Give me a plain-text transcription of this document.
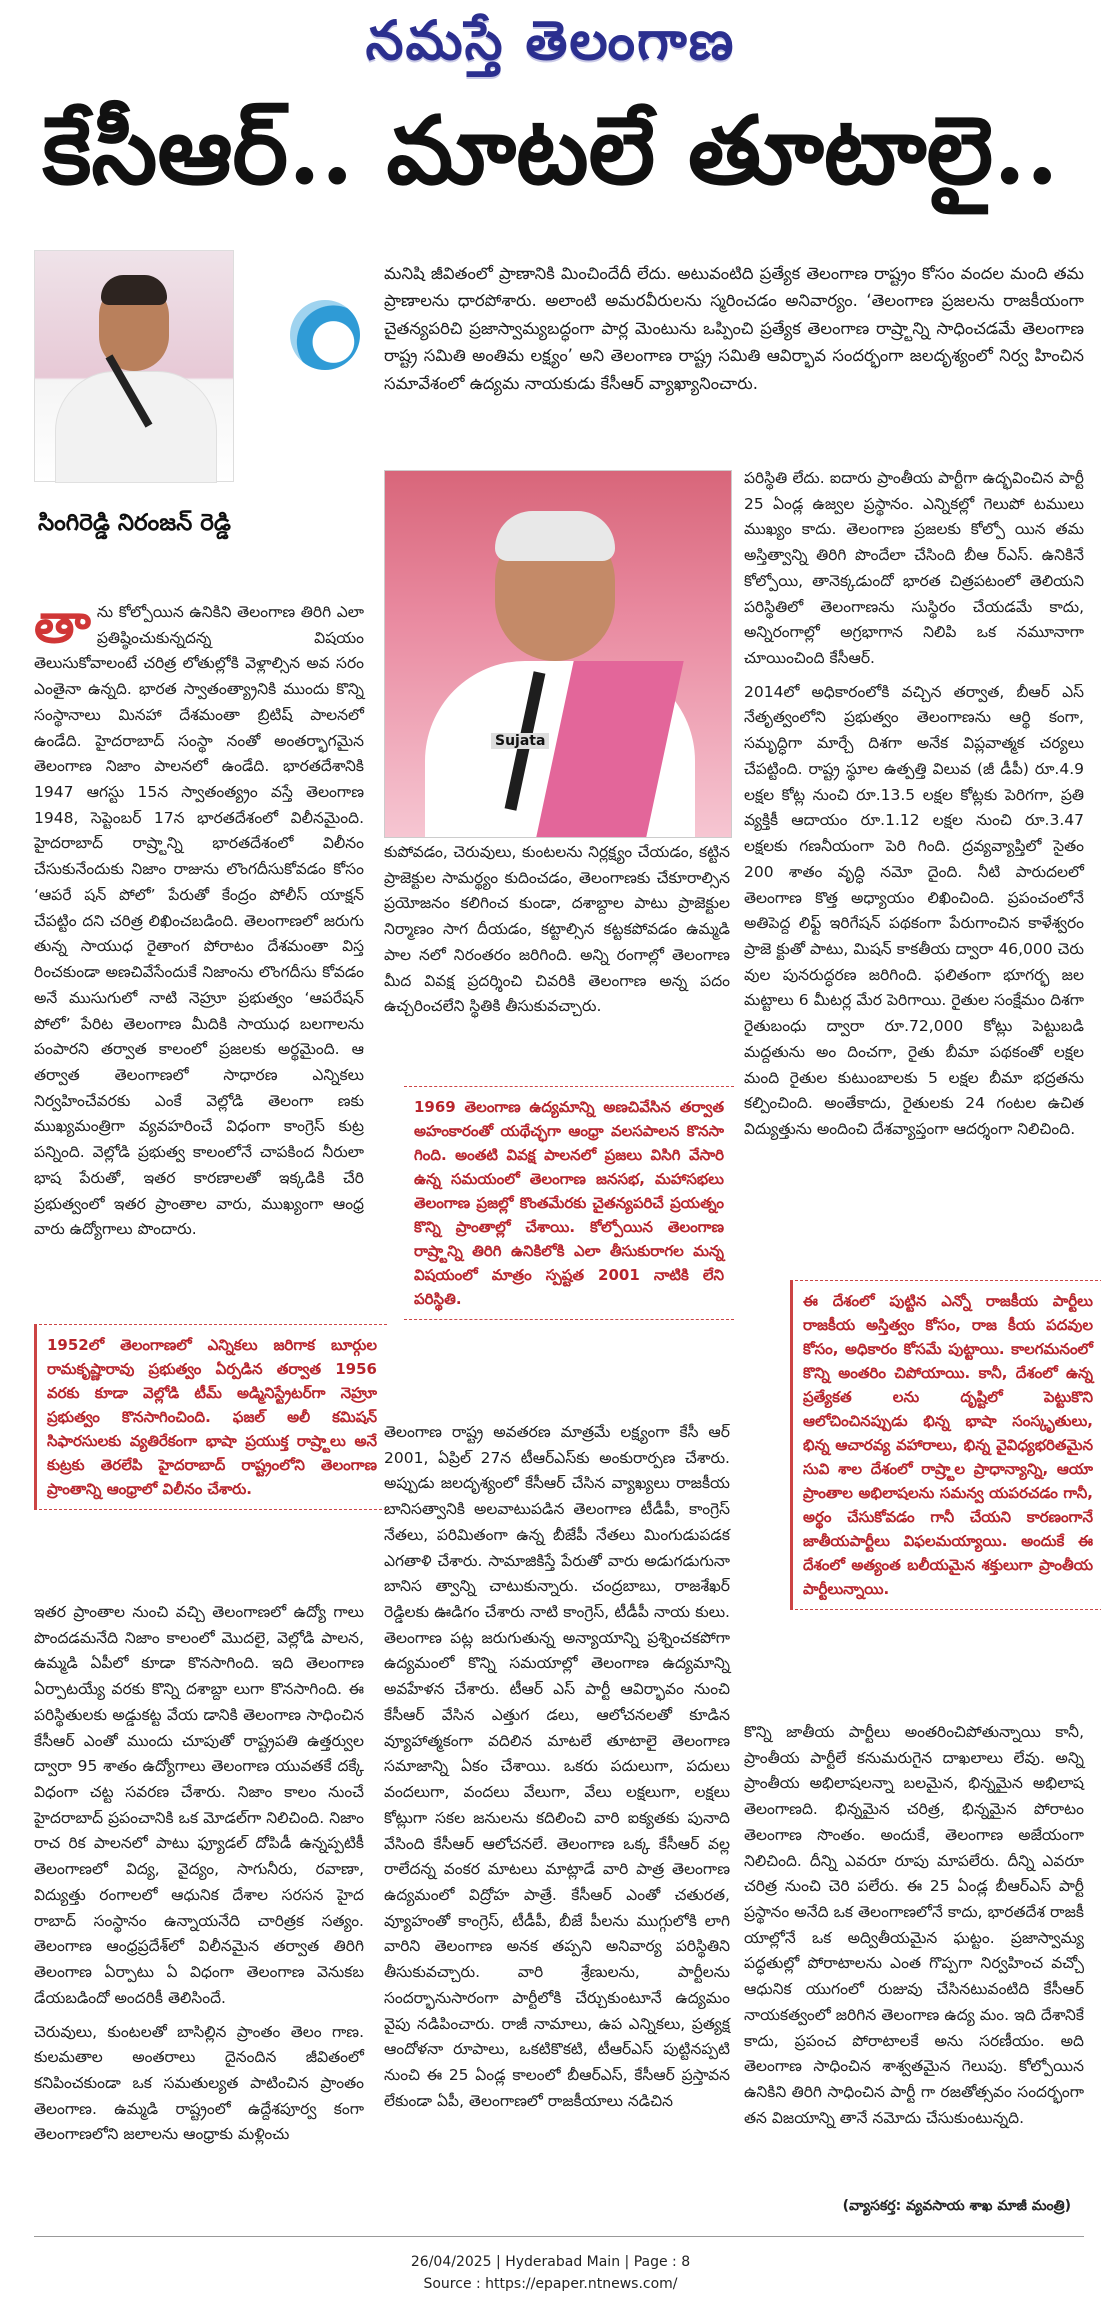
నమస్తే తెలంగాణ
కేసీఆర్‌.. మాటలే తూటాలై..
సింగిరెడ్డి నిరంజన్‌ రెడ్డి
మనిషి జీవితంలో ప్రాణానికి మించిందేదీ లేదు. అటువంటిది ప్రత్యేక తెలంగాణ రాష్ట్రం కోసం వందల మంది తమ ప్రాణాలను ధారపోశారు. అలాంటి అమరవీరులను స్మరించడం అనివార్యం. ‘తెలంగాణ ప్రజలను రాజకీయంగా చైతన్యపరిచి ప్రజాస్వామ్యబద్ధంగా పార్ల మెంటును ఒప్పించి ప్రత్యేక తెలంగాణ రాష్ర్టాన్ని సాధించడమే తెలంగాణ రాష్ట్ర సమితి అంతిమ లక్ష్యం’ అని తెలంగాణ రాష్ట్ర సమితి ఆవిర్భావ సందర్భంగా జలదృశ్యంలో నిర్వ హించిన సమావేశంలో ఉద్యమ నాయకుడు కేసీఆర్‌ వ్యాఖ్యానించారు.
Sujata

తాను కోల్పోయిన ఉనికిని తెలంగాణ తిరిగి ఎలా ప్రతిష్ఠించుకున్నదన్న విషయం తెలుసుకోవాలంటే చరిత్ర లోతుల్లోకి వెళ్లాల్సిన అవ సరం ఎంతైనా ఉన్నది. భారత స్వాతంత్య్రానికి ముందు కొన్ని సంస్థానాలు మినహా దేశమంతా బ్రిటిష్‌ పాలనలో ఉండేది. హైదరాబాద్‌ సంస్థా నంతో అంతర్భాగమైన తెలంగాణ నిజాం పాలనలో ఉండేది. భారతదేశానికి 1947 ఆగస్టు 15న స్వాతంత్య్రం వస్తే తెలంగాణ 1948, సెప్టెంబర్‌ 17న భారతదేశంలో విలీనమైంది. హైదరాబాద్‌ రాష్ర్టాన్ని భారతదేశంలో విలీనం చేసుకునేందుకు నిజాం రాజును లొంగదీసుకోవడం కోసం ‘ఆపరే షన్‌ పోలో’ పేరుతో కేంద్రం పోలీస్‌ యాక్షన్‌ చేపట్టిం దని చరిత్ర లిఖించబడింది. తెలంగాణలో జరుగు తున్న సాయుధ రైతాంగ పోరాటం దేశమంతా విస్త రించకుండా అణచివేసేందుకే నిజాంను లొంగదీసు కోవడం అనే ముసుగులో నాటి నెహ్రూ ప్రభుత్వం ‘ఆపరేషన్‌ పోలో’ పేరిట తెలంగాణ మీదికి సాయుధ బలగాలను పంపారని తర్వాత కాలంలో ప్రజలకు అర్థమైంది. ఆ తర్వాత తెలంగాణలో సాధారణ ఎన్నికలు నిర్వహించేవరకు ఎంకే వెల్లోడి తెలంగా ణకు ముఖ్యమంత్రిగా వ్యవహరించే విధంగా కాంగ్రెస్‌ కుట్ర పన్నింది. వెల్లోడి ప్రభుత్వ కాలంలోనే చాపకింద నీరులా భాష పేరుతో, ఇతర కారణాలతో ఇక్కడికి చేరి ప్రభుత్వంలో ఇతర ప్రాంతాల వారు, ముఖ్యంగా ఆంధ్ర వారు ఉద్యోగాలు పొందారు.

1952లో తెలంగాణలో ఎన్నికలు జరిగాక బూర్గుల రామకృష్ణారావు ప్రభుత్వం ఏర్పడిన తర్వాత 1956 వరకు కూడా వెల్లోడి టీమ్‌ అడ్మినిస్ట్రేటర్‌గా నెహ్రూ ప్రభుత్వం కొనసాగించింది. ఫజల్‌ అలీ కమిషన్‌ సిఫారసులకు వ్యతిరేకంగా భాషా ప్రయుక్త రాష్ర్టాలు అనే కుట్రకు తెరలేపి హైదరాబాద్‌ రాష్ట్రంలోని తెలంగాణ ప్రాంతాన్ని ఆంధ్రాలో విలీనం చేశారు.

ఇతర ప్రాంతాల నుంచి వచ్చి తెలంగాణలో ఉద్యో గాలు పొందడమనేది నిజాం కాలంలో మొదలై, వెల్లోడి పాలన, ఉమ్మడి ఏపీలో కూడా కొనసాగింది. ఇది తెలంగాణ ఏర్పాటయ్యే వరకు కొన్ని దశాబ్దా లుగా కొనసాగింది. ఈ పరిస్థితులకు అడ్డుకట్ట వేయ డానికి తెలంగాణ సాధించిన కేసీఆర్‌ ఎంతో ముందు చూపుతో రాష్ట్రపతి ఉత్తర్వుల ద్వారా 95 శాతం ఉద్యోగాలు తెలంగాణ యువతకే దక్కే విధంగా చట్ట సవరణ చేశారు. నిజాం కాలం నుంచే హైదరాబాద్‌ ప్రపంచానికి ఒక మోడల్‌గా నిలిచింది. నిజాం రాచ రిక పాలనలో పాటు ఫ్యూడల్‌ దోపిడీ ఉన్నప్పటికీ తెలంగాణలో విద్య, వైద్యం, సాగునీరు, రవాణా, విద్యుత్తు రంగాలలో ఆధునిక దేశాల సరసన హైద రాబాద్‌ సంస్థానం ఉన్నాయనేది చారిత్రక సత్యం. తెలంగాణ ఆంధ్రప్రదేశ్‌లో విలీనమైన తర్వాత తిరిగి తెలంగాణ ఏర్పాటు ఏ విధంగా తెలంగాణ వెనుకబ డేయబడిందో అందరికీ తెలిసిందే.

చెరువులు, కుంటలతో బాసిల్లిన ప్రాంతం తెలం గాణ. కులమతాల అంతరాలు దైనందిన జీవితంలో కనిపించకుండా ఒక సమతుల్యత పాటించిన ప్రాంతం తెలంగాణ. ఉమ్మడి రాష్ట్రంలో ఉద్దేశపూర్వ కంగా తెలంగాణలోని జలాలను ఆంధ్రాకు మళ్లించు

కుపోవడం, చెరువులు, కుంటలను నిర్లక్ష్యం చేయడం, కట్టిన ప్రాజెక్టుల సామర్థ్యం కుదించడం, తెలంగాణకు చేకూరాల్సిన ప్రయోజనం కలిగించ కుండా, దశాబ్దాల పాటు ప్రాజెక్టుల నిర్మాణం సాగ దీయడం, కట్టాల్సిన కట్టకపోవడం ఉమ్మడి పాల నలో నిరంతరం జరిగింది. అన్ని రంగాల్లో తెలంగాణ మీద వివక్ష ప్రదర్శించి చివరికి తెలంగాణ అన్న పదం ఉచ్చరించలేని స్థితికి తీసుకువచ్చారు.

1969 తెలంగాణ ఉద్యమాన్ని అణచివేసిన తర్వాత అహంకారంతో యథేచ్ఛగా ఆంధ్రా వలసపాలన కొనసా గింది. అంతటి వివక్ష పాలనలో ప్రజలు విసిగి వేసారి ఉన్న సమయంలో తెలంగాణ జనసభ, మహాసభలు తెలంగాణ ప్రజల్లో కొంతమేరకు చైతన్యపరిచే ప్రయత్నం కొన్ని ప్రాంతాల్లో చేశాయి. కోల్పోయిన తెలంగాణ రాష్ర్టాన్ని తిరిగి ఉనికిలోకి ఎలా తీసుకురాగల మన్న విషయంలో మాత్రం స్పష్టత 2001 నాటికి లేని పరిస్థితి.

తెలంగాణ రాష్ట్ర అవతరణ మాత్రమే లక్ష్యంగా కేసీ ఆర్‌ 2001, ఏప్రిల్‌ 27న టీఆర్‌ఎస్‌కు అంకురార్పణ చేశారు. అప్పుడు జలదృశ్యంలో కేసీఆర్‌ చేసిన వ్యాఖ్యలు రాజకీయ బానిసత్వానికి అలవాటుపడిన తెలంగాణ టీడీపీ, కాంగ్రెస్‌ నేతలు, పరిమితంగా ఉన్న బీజేపీ నేతలు మింగుడుపడక ఎగతాళి చేశారు. సామాజికిస్తే పేరుతో వారు అడుగడుగునా బానిస త్వాన్ని చాటుకున్నారు. చంద్రబాబు, రాజశేఖర్‌ రెడ్డిలకు ఊడిగం చేశారు నాటి కాంగ్రెస్‌, టీడీపీ నాయ కులు. తెలంగాణ పట్ల జరుగుతున్న అన్యాయాన్ని ప్రశ్నించకపోగా ఉద్యమంలో కొన్ని సమయాల్లో తెలంగాణ ఉద్యమాన్ని అవహేళన చేశారు. టీఆర్‌ ఎస్‌ పార్టీ ఆవిర్భావం నుంచి కేసీఆర్‌ వేసిన ఎత్తుగ డలు, ఆలోచనలతో కూడిన వ్యూహాత్మకంగా వదిలిన మాటలే తూటాలై తెలంగాణ సమాజాన్ని ఏకం చేశాయి. ఒకరు పదులుగా, పదులు వందలుగా, వందలు వేలుగా, వేలు లక్షలుగా, లక్షలు కోట్లుగా సకల జనులను కదిలించి వారి ఐక్యతకు పునాది వేసింది కేసీఆర్‌ ఆలోచనలే. తెలంగాణ ఒక్క కేసీఆర్‌ వల్ల రాలేదన్న వంకర మాటలు మాట్లాడే వారి పాత్ర తెలంగాణ ఉద్యమంలో విద్రోహ పాత్రే. కేసీఆర్‌ ఎంతో చతురత, వ్యూహంతో కాంగ్రెస్‌, టీడీపీ, బీజే పీలను ముగ్గులోకి లాగి వారిని తెలంగాణ అనక తప్పని అనివార్య పరిస్థితిని తీసుకువచ్చారు. వారి శ్రేణులను, పార్టీలను సందర్భానుసారంగా పార్టీలోకి చేర్చుకుంటూనే ఉద్యమం వైపు నడిపించారు. రాజీ నామాలు, ఉప ఎన్నికలు, ప్రత్యక్ష ఆందోళనా రూపాలు, ఒకటికొకటి, టీఆర్‌ఎస్‌ పుట్టినప్పటి నుంచి ఈ 25 ఏండ్ల కాలంలో బీఆర్‌ఎస్‌, కేసీఆర్‌ ప్రస్తావన లేకుండా ఏపీ, తెలంగాణలో రాజకీయాలు నడిచిన

పరిస్థితి లేదు. ఐదారు ప్రాంతీయ పార్టీగా ఉద్భవించిన పార్టీ 25 ఏండ్ల ఉజ్వల ప్రస్థానం. ఎన్నికల్లో గెలుపో టములు ముఖ్యం కాదు. తెలంగాణ ప్రజలకు కోల్పో యిన తమ అస్తిత్వాన్ని తిరిగి పొందేలా చేసింది బీఆ ర్‌ఎస్‌. ఉనికినే కోల్పోయి, తానెక్కడుందో భారత చిత్రపటంలో తెలియని పరిస్థితిలో తెలంగాణను సుస్థిరం చేయడమే కాదు, అన్నిరంగాల్లో అగ్రభాగాన నిలిపి ఒక నమూనాగా చూయించింది కేసీఆర్‌.

2014లో అధికారంలోకి వచ్చిన తర్వాత, బీఆర్‌ ఎస్‌ నేతృత్వంలోని ప్రభుత్వం తెలంగాణను ఆర్థి కంగా, సమృద్ధిగా మార్చే దిశగా అనేక విప్లవాత్మక చర్యలు చేపట్టింది. రాష్ట్ర స్థూల ఉత్పత్తి విలువ (జీ డీపీ) రూ.4.9 లక్షల కోట్ల నుంచి రూ.13.5 లక్షల కోట్లకు పెరిగగా, ప్రతి వ్యక్తికీ ఆదాయం రూ.1.12 లక్షల నుంచి రూ.3.47 లక్షలకు గణనీయంగా పెరి గింది. ద్రవ్యవ్యాప్తిలో సైతం 200 శాతం వృద్ధి నమో దైంది. నీటి పారుదలలో తెలంగాణ కొత్త అధ్యాయం లిఖించింది. ప్రపంచంలోనే అతిపెద్ద లిఫ్ట్‌ ఇరిగేషన్‌ పథకంగా పేరుగాంచిన కాళేశ్వరం ప్రాజె క్టుతో పాటు, మిషన్‌ కాకతీయ ద్వారా 46,000 చెరు వుల పునరుద్ధరణ జరిగింది. ఫలితంగా భూగర్భ జల మట్టాలు 6 మీటర్ల మేర పెరిగాయి. రైతుల సంక్షేమం దిశగా రైతుబంధు ద్వారా రూ.72,000 కోట్లు పెట్టుబడి మద్దతును అం దించగా, రైతు బీమా పథకంతో లక్షల మంది రైతుల కుటుంబాలకు 5 లక్షల బీమా భద్రతను కల్పించింది. అంతేకాదు, రైతులకు 24 గంటల ఉచిత విద్యుత్తును అందించి దేశవ్యాప్తంగా ఆదర్శంగా నిలిచింది.

ఈ దేశంలో పుట్టిన ఎన్నో రాజకీయ పార్టీలు రాజకీయ అస్తిత్వం కోసం, రాజ కీయ పదవుల కోసం, అధికారం కోసమే పుట్టాయి. కాలగమనంలో కొన్ని అంతరిం చిపోయాయి. కానీ, దేశంలో ఉన్న ప్రత్యేకత లను దృష్టిలో పెట్టుకొని ఆలోచించినప్పుడు భిన్న భాషా సంస్కృతులు, భిన్న ఆచారవ్య వహారాలు, భిన్న వైవిధ్యభరితమైన సువి శాల దేశంలో రాష్ర్టాల ప్రాధాన్యాన్ని, ఆయా ప్రాంతాల అభిలాషలను సమన్వ యపరచడం గానీ, అర్థం చేసుకోవడం గానీ చేయని కారణంగానే జాతీయపార్టీలు విఫలమయ్యాయి. అందుకే ఈ దేశంలో అత్యంత బలీయమైన శక్తులుగా ప్రాంతీయ పార్టీలున్నాయి.

కొన్ని జాతీయ పార్టీలు అంతరించిపోతున్నాయి కానీ, ప్రాంతీయ పార్టీలే కనుమరుగైన దాఖలాలు లేవు. అన్ని ప్రాంతీయ అభిలాషలన్నా బలమైన, భిన్నమైన అభిలాష తెలంగాణది. భిన్నమైన చరిత్ర, భిన్నమైన పోరాటం తెలంగాణ సొంతం. అందుకే, తెలంగాణ అజేయంగా నిలిచింది. దీన్ని ఎవరూ రూపు మాపలేరు. దీన్ని ఎవరూ చరిత్ర నుంచి చెరి పలేరు. ఈ 25 ఏండ్ల బీఆర్‌ఎస్‌ పార్టీ ప్రస్థానం అనేది ఒక తెలంగాణలోనే కాదు, భారతదేశ రాజకీ యాల్లోనే ఒక అద్వితీయమైన ఘట్టం. ప్రజాస్వామ్య పద్ధతుల్లో పోరాటాలను ఎంత గొప్పగా నిర్వహించ వచ్చో ఆధునిక యుగంలో రుజువు చేసినటువంటిది కేసీఆర్‌ నాయకత్వంలో జరిగిన తెలంగాణ ఉద్య మం. ఇది దేశానికే కాదు, ప్రపంచ పోరాటాలకే అను సరణీయం. అది తెలంగాణ సాధించిన శాశ్వతమైన గెలుపు. కోల్పోయిన ఉనికిని తిరిగి సాధించిన పార్టీ గా రజతోత్సవం సందర్భంగా తన విజయాన్ని తానే నమోదు చేసుకుంటున్నది.

(వ్యాసకర్త: వ్యవసాయ శాఖ మాజీ మంత్రి)
26/04/2025 | Hyderabad Main | Page : 8
Source : https://epaper.ntnews.com/
